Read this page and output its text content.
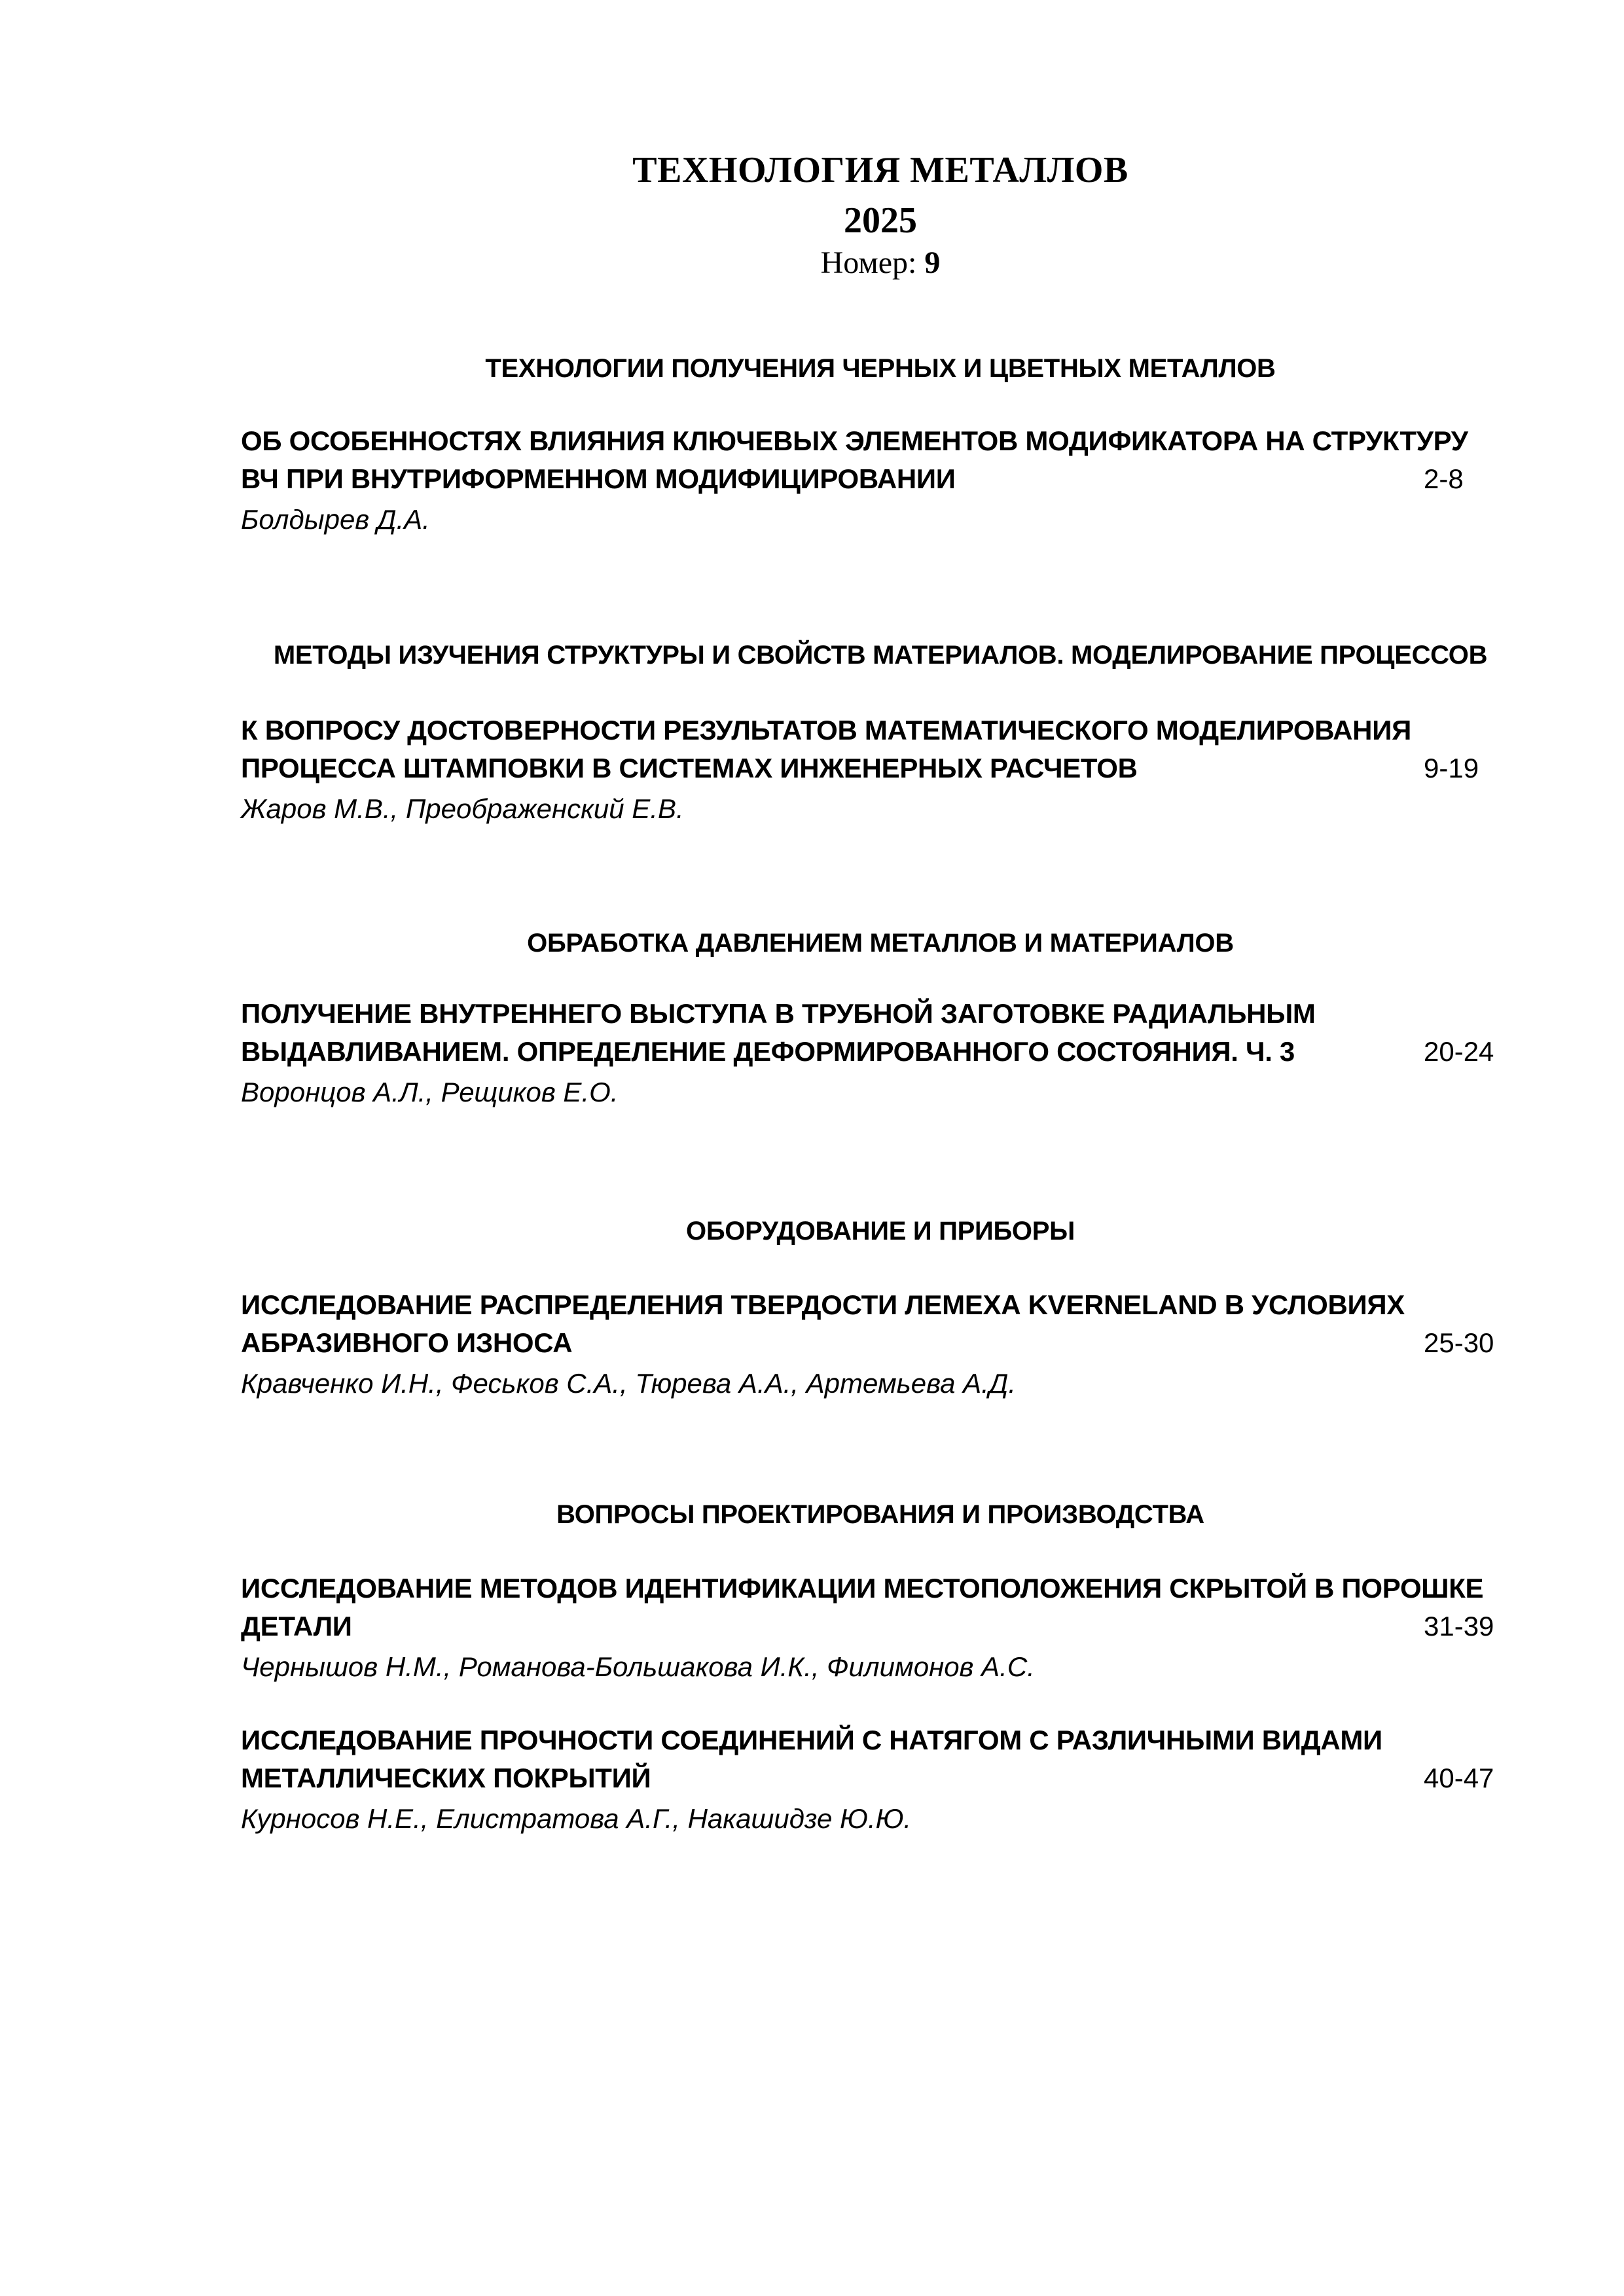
ТЕХНОЛОГИЯ МЕТАЛЛОВ
2025
Номер: 9
ТЕХНОЛОГИИ ПОЛУЧЕНИЯ ЧЕРНЫХ И ЦВЕТНЫХ МЕТАЛЛОВ
ОБ ОСОБЕННОСТЯХ ВЛИЯНИЯ КЛЮЧЕВЫХ ЭЛЕМЕНТОВ МОДИФИКАТОРА НА СТРУКТУРУ
ВЧ ПРИ ВНУТРИФОРМЕННОМ МОДИФИЦИРОВАНИИ	2-8
Болдырев Д.А.
МЕТОДЫ ИЗУЧЕНИЯ СТРУКТУРЫ И СВОЙСТВ МАТЕРИАЛОВ. МОДЕЛИРОВАНИЕ ПРОЦЕССОВ
К ВОПРОСУ ДОСТОВЕРНОСТИ РЕЗУЛЬТАТОВ МАТЕМАТИЧЕСКОГО МОДЕЛИРОВАНИЯ
ПРОЦЕССА ШТАМПОВКИ В СИСТЕМАХ ИНЖЕНЕРНЫХ РАСЧЕТОВ	9-19
Жаров М.В., Преображенский Е.В.
ОБРАБОТКА ДАВЛЕНИЕМ МЕТАЛЛОВ И МАТЕРИАЛОВ
ПОЛУЧЕНИЕ ВНУТРЕННЕГО ВЫСТУПА В ТРУБНОЙ ЗАГОТОВКЕ РАДИАЛЬНЫМ
ВЫДАВЛИВАНИЕМ. ОПРЕДЕЛЕНИЕ ДЕФОРМИРОВАННОГО СОСТОЯНИЯ. Ч. 3	20-24
Воронцов А.Л., Рещиков Е.О.
ОБОРУДОВАНИЕ И ПРИБОРЫ
ИССЛЕДОВАНИЕ РАСПРЕДЕЛЕНИЯ ТВЕРДОСТИ ЛЕМЕХА KVERNELAND В УСЛОВИЯХ
АБРАЗИВНОГО ИЗНОСА	25-30
Кравченко И.Н., Феськов С.А., Тюрева А.А., Артемьева А.Д.
ВОПРОСЫ ПРОЕКТИРОВАНИЯ И ПРОИЗВОДСТВА
ИССЛЕДОВАНИЕ МЕТОДОВ ИДЕНТИФИКАЦИИ МЕСТОПОЛОЖЕНИЯ СКРЫТОЙ В ПОРОШКЕ
ДЕТАЛИ	31-39
Чернышов Н.М., Романова-Большакова И.К., Филимонов А.С.
ИССЛЕДОВАНИЕ ПРОЧНОСТИ СОЕДИНЕНИЙ С НАТЯГОМ С РАЗЛИЧНЫМИ ВИДАМИ
МЕТАЛЛИЧЕСКИХ ПОКРЫТИЙ	40-47
Курносов Н.Е., Елистратова А.Г., Накашидзе Ю.Ю.
